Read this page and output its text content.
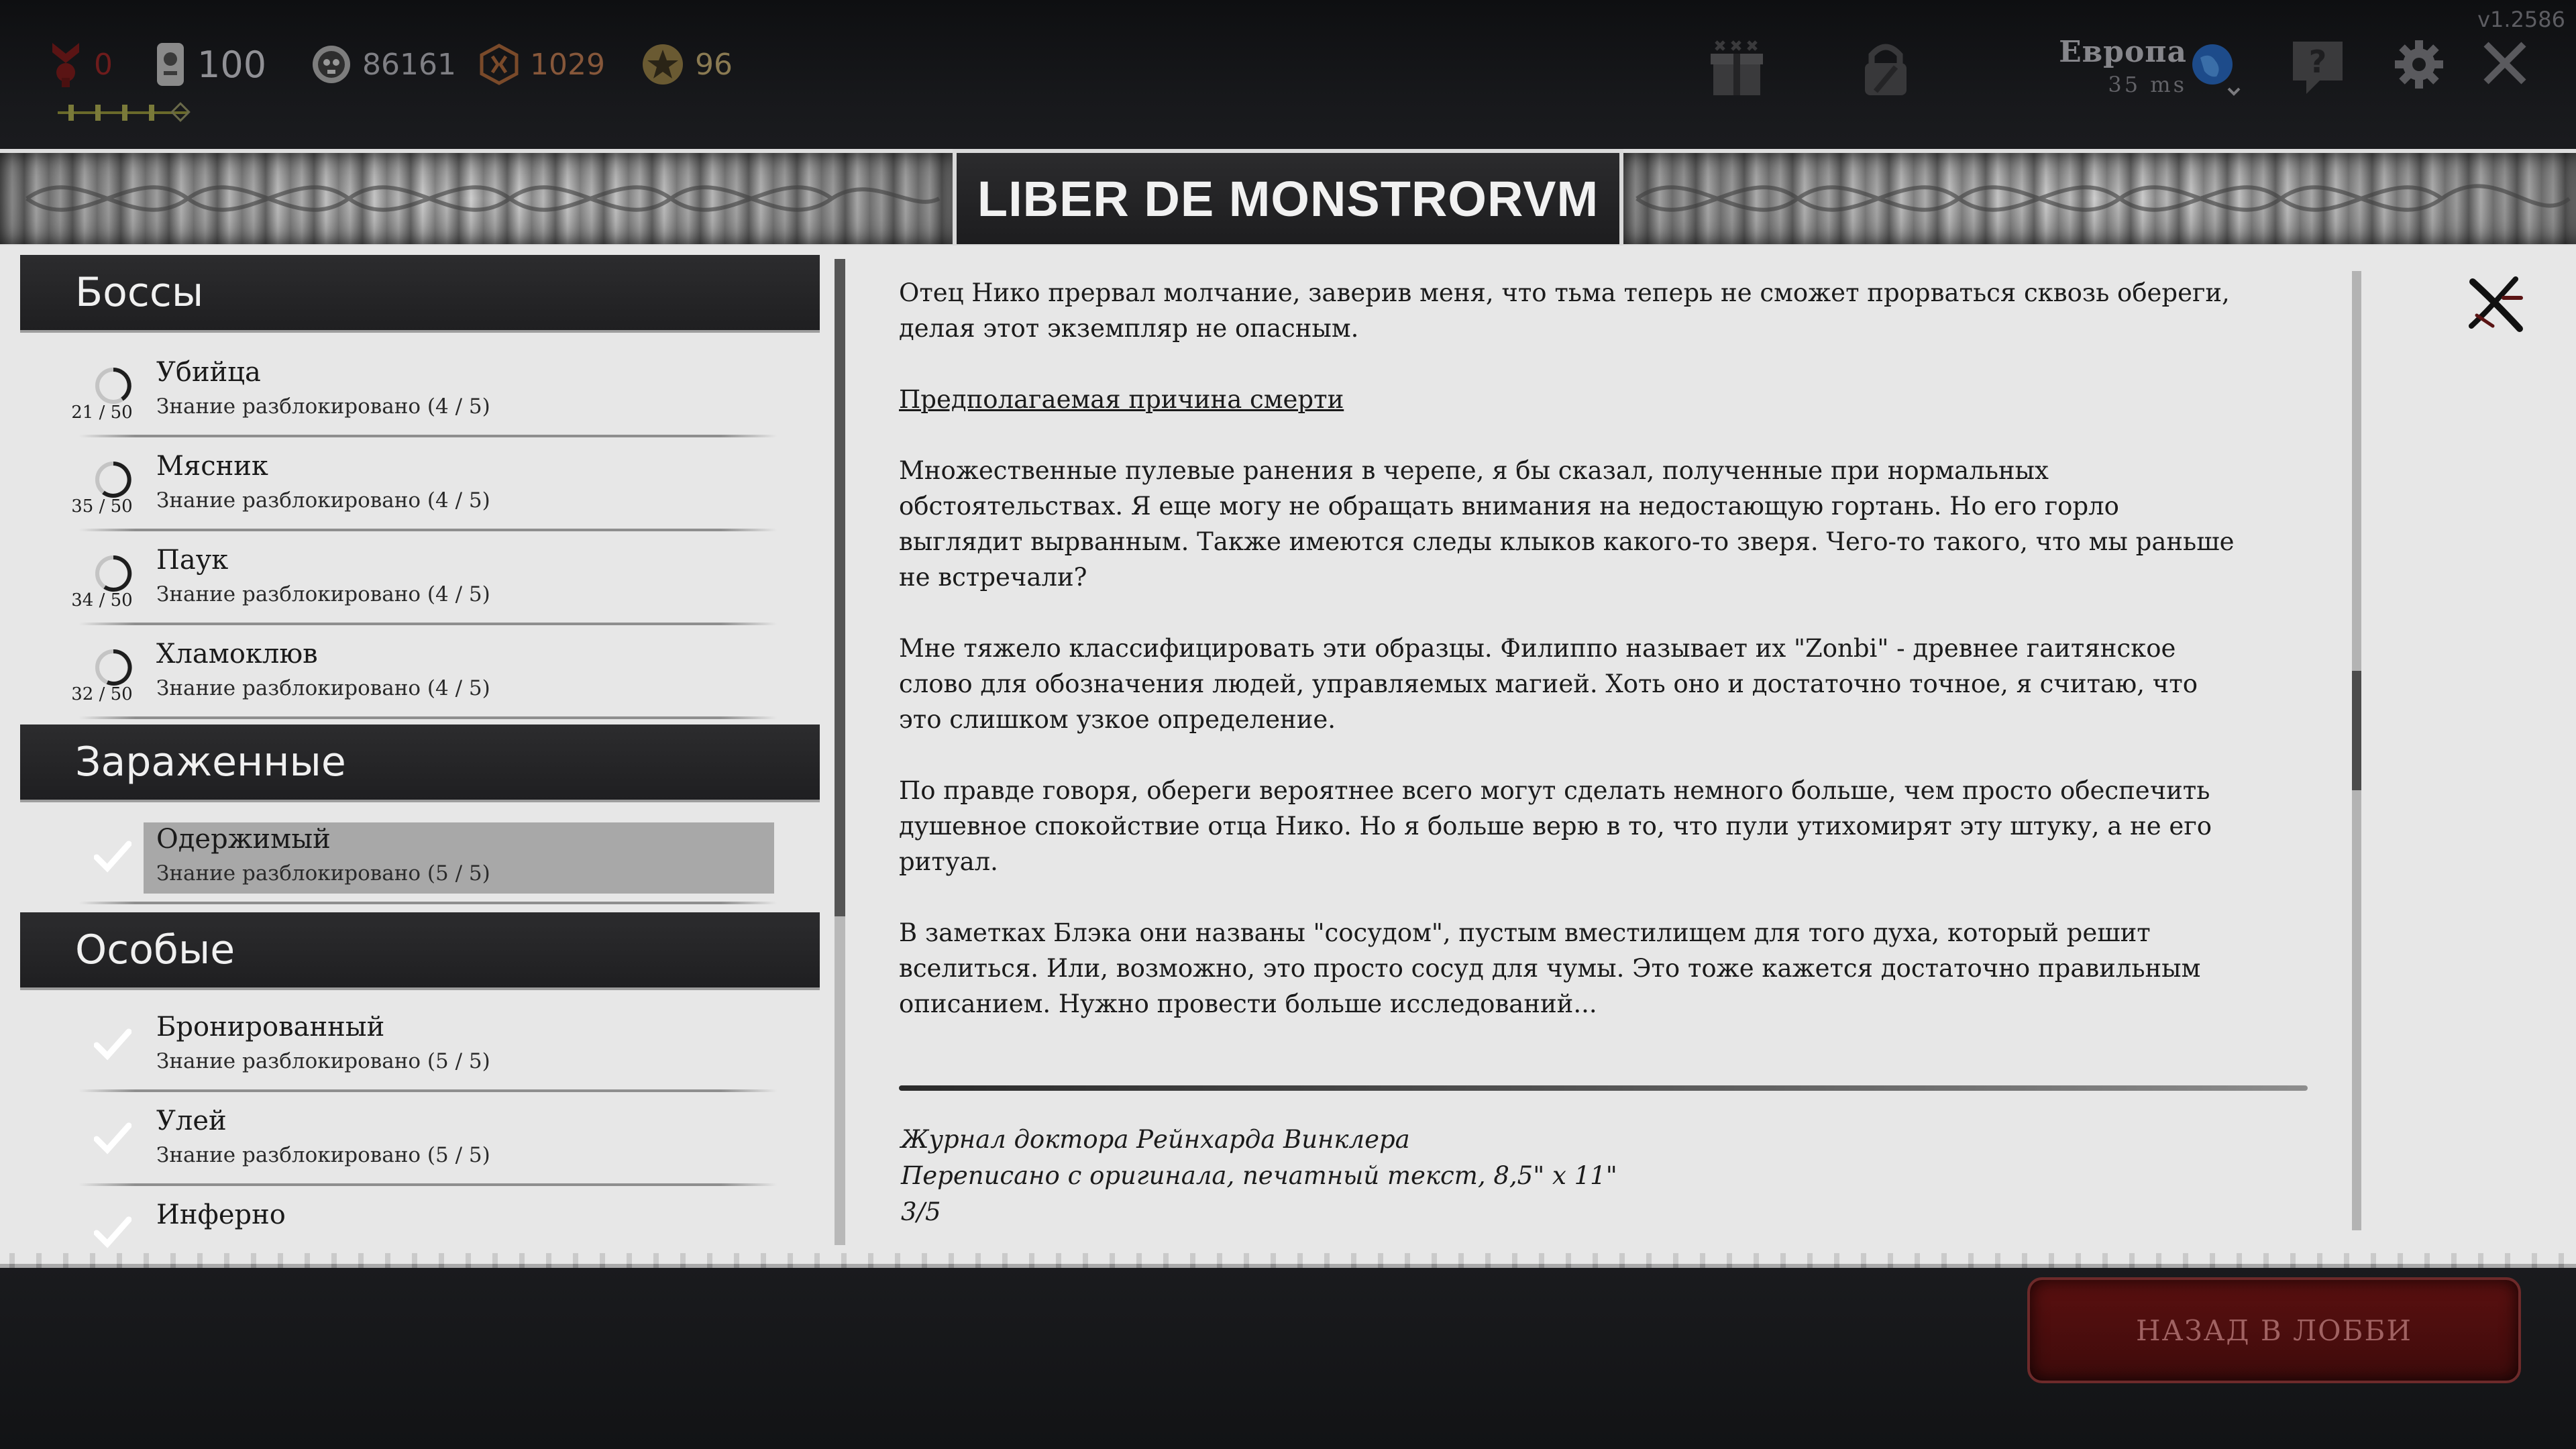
v1.2586
0 100	86161	1029	96	Европа
35 ms
?
LIBER DE MONSTRORVM
Боссы
21 / 50
Убийца
Знание разблокировано (4 / 5)
35 / 50
Мясник
Знание разблокировано (4 / 5)
34 / 50
Паук
Знание разблокировано (4 / 5)
32 / 50
Хламоклюв
Знание разблокировано (4 / 5)
Зараженные
Одержимый
Знание разблокировано (5 / 5)
Особые
Бронированный
Знание разблокировано (5 / 5)
Улей
Знание разблокировано (5 / 5)
Инферно

Отец Нико прервал молчание, заверив меня, что тьма теперь не сможет прорваться сквозь обереги, делая этот экземпляр не опасным.

Предполагаемая причина смерти

Множественные пулевые ранения в черепе, я бы сказал, полученные при нормальных обстоятельствах. Я еще могу не обращать внимания на недостающую гортань. Но его горло выглядит вырванным. Также имеются следы клыков какого-то зверя. Чего-то такого, что мы раньше не встречали?

Мне тяжело классифицировать эти образцы. Филиппо называет их "Zonbi" - древнее гаитянское слово для обозначения людей, управляемых магией. Хоть оно и достаточно точное, я считаю, что это слишком узкое определение.

По правде говоря, обереги вероятнее всего могут сделать немного больше, чем просто обеспечить душевное спокойствие отца Нико. Но я больше верю в то, что пули утихомирят эту штуку, а не его ритуал.

В заметках Блэка они названы "сосудом", пустым вместилищем для того духа, который решит вселиться. Или, возможно, это просто сосуд для чумы. Это тоже кажется достаточно правильным описанием. Нужно провести больше исследований...

Журнал доктора Рейнхарда Винклера
Переписано с оригинала, печатный текст, 8,5" x 11"
3/5
НАЗАД В ЛОББИ
